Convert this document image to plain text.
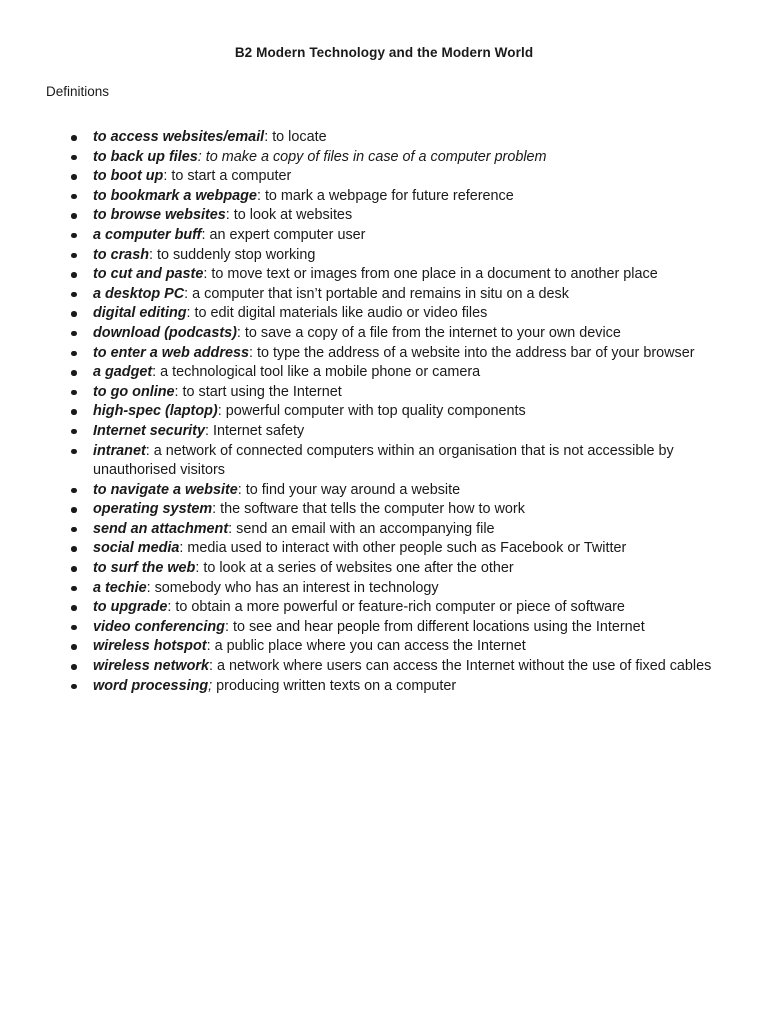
B2 Modern Technology and the Modern World
Definitions
to access websites/email: to locate
to back up files: to make a copy of files in case of a computer problem
to boot up: to start a computer
to bookmark a webpage: to mark a webpage for future reference
to browse websites: to look at websites
a computer buff: an expert computer user
to crash: to suddenly stop working
to cut and paste: to move text or images from one place in a document to another place
a desktop PC: a computer that isn’t portable and remains in situ on a desk
digital editing: to edit digital materials like audio or video files
download (podcasts): to save a copy of a file from the internet to your own device
to enter a web address: to type the address of a website into the address bar of your browser
a gadget: a technological tool like a mobile phone or camera
to go online: to start using the Internet
high-spec (laptop): powerful computer with top quality components
Internet security: Internet safety
intranet: a network of connected computers within an organisation that is not accessible by unauthorised visitors
to navigate a website: to find your way around a website
operating system: the software that tells the computer how to work
send an attachment: send an email with an accompanying file
social media: media used to interact with other people such as Facebook or Twitter
to surf the web: to look at a series of websites one after the other
a techie: somebody who has an interest in technology
to upgrade: to obtain a more powerful or feature-rich computer or piece of software
video conferencing: to see and hear people from different locations using the Internet
wireless hotspot: a public place where you can access the Internet
wireless network: a network where users can access the Internet without the use of fixed cables
word processing; producing written texts on a computer
